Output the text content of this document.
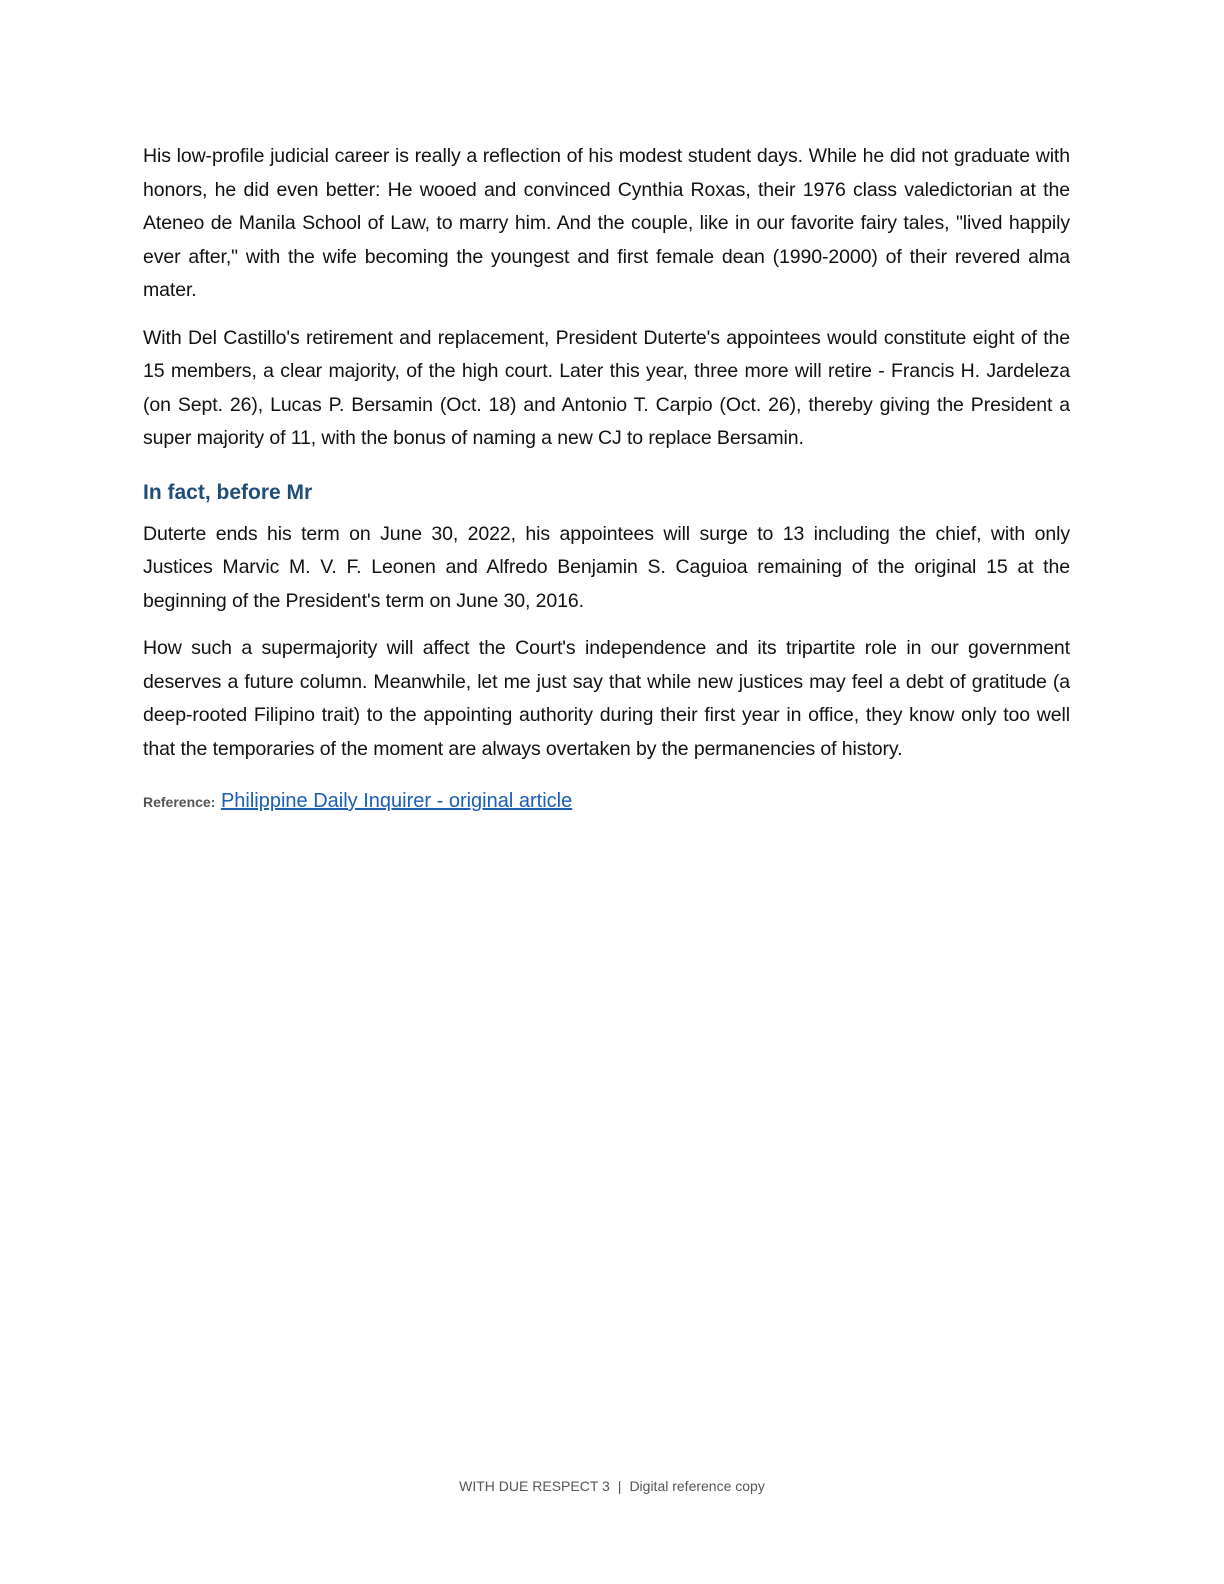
His low-profile judicial career is really a reflection of his modest student days. While he did not graduate with honors, he did even better: He wooed and convinced Cynthia Roxas, their 1976 class valedictorian at the Ateneo de Manila School of Law, to marry him. And the couple, like in our favorite fairy tales, "lived happily ever after," with the wife becoming the youngest and first female dean (1990-2000) of their revered alma mater.

With Del Castillo's retirement and replacement, President Duterte's appointees would constitute eight of the 15 members, a clear majority, of the high court. Later this year, three more will retire - Francis H. Jardeleza (on Sept. 26), Lucas P. Bersamin (Oct. 18) and Antonio T. Carpio (Oct. 26), thereby giving the President a super majority of 11, with the bonus of naming a new CJ to replace Bersamin.

In fact, before Mr

Duterte ends his term on June 30, 2022, his appointees will surge to 13 including the chief, with only Justices Marvic M. V. F. Leonen and Alfredo Benjamin S. Caguioa remaining of the original 15 at the beginning of the President's term on June 30, 2016.

How such a supermajority will affect the Court's independence and its tripartite role in our government deserves a future column. Meanwhile, let me just say that while new justices may feel a debt of gratitude (a deep-rooted Filipino trait) to the appointing authority during their first year in office, they know only too well that the temporaries of the moment are always overtaken by the permanencies of history.

Reference: Philippine Daily Inquirer - original article
WITH DUE RESPECT 3 | Digital reference copy
